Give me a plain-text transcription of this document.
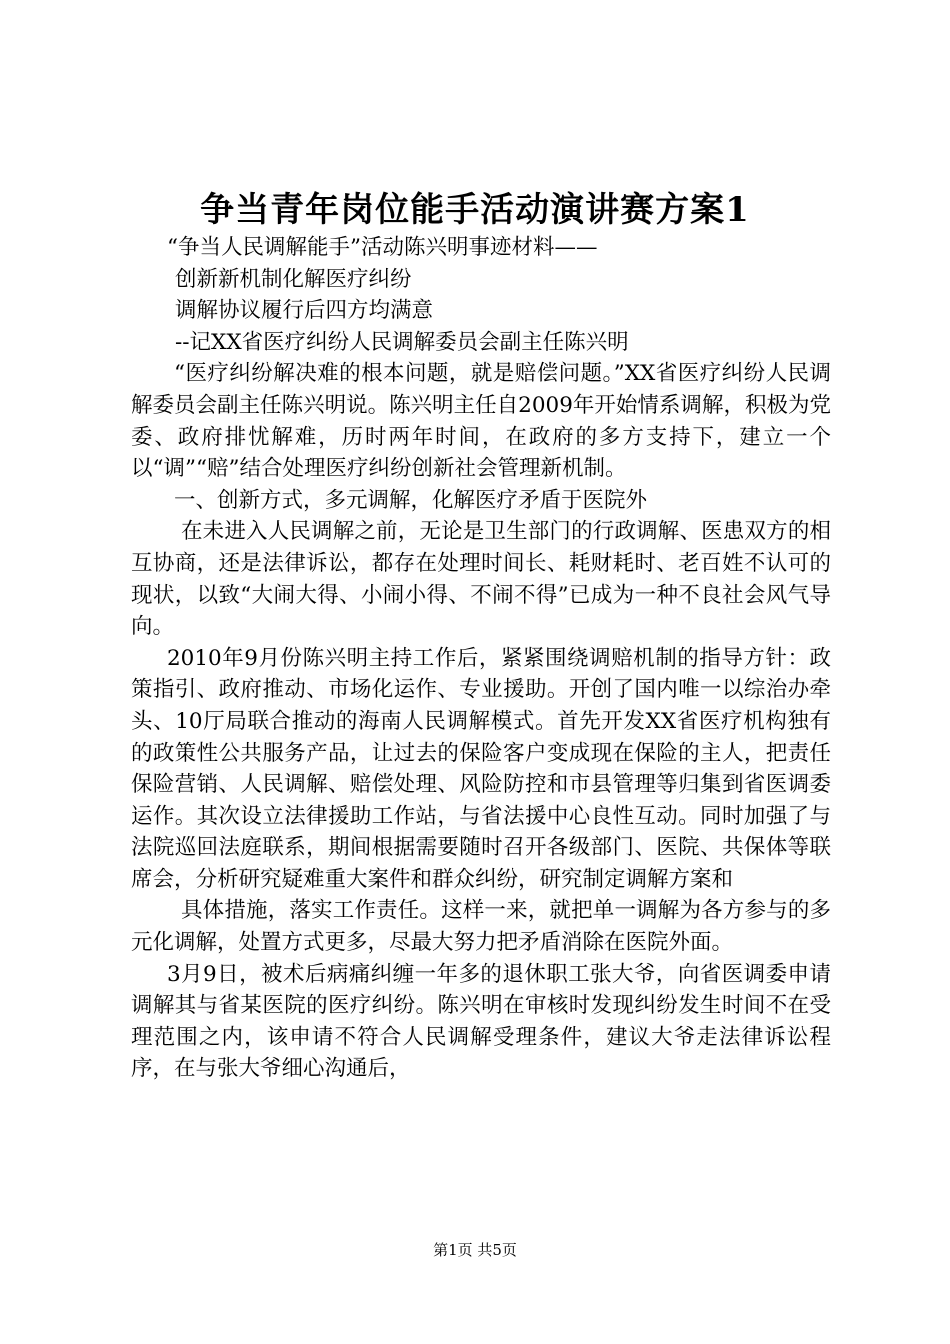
争当青年岗位能手活动演讲赛方案1

“争当人民调解能手”活动陈兴明事迹材料——

创新新机制化解医疗纠纷

调解协议履行后四方均满意

--记XX省医疗纠纷人民调解委员会副主任陈兴明

“医疗纠纷解决难的根本问题，就是赔偿问题。”XX省医疗纠纷人民调解委员会副主任陈兴明说。陈兴明主任自2009年开始情系调解，积极为党委、政府排忧解难，历时两年时间，在政府的多方支持下，建立一个以“调”“赔”结合处理医疗纠纷创新社会管理新机制。

一、创新方式，多元调解，化解医疗矛盾于医院外

在未进入人民调解之前，无论是卫生部门的行政调解、医患双方的相互协商，还是法律诉讼，都存在处理时间长、耗财耗时、老百姓不认可的现状，以致“大闹大得、小闹小得、不闹不得”已成为一种不良社会风气导向。

2010年9月份陈兴明主持工作后，紧紧围绕调赔机制的指导方针：政策指引、政府推动、市场化运作、专业援助。开创了国内唯一以综治办牵头、10厅局联合推动的海南人民调解模式。首先开发XX省医疗机构独有的政策性公共服务产品，让过去的保险客户变成现在保险的主人，把责任保险营销、人民调解、赔偿处理、风险防控和市县管理等归集到省医调委运作。其次设立法律援助工作站，与省法援中心良性互动。同时加强了与法院巡回法庭联系，期间根据需要随时召开各级部门、医院、共保体等联席会，分析研究疑难重大案件和群众纠纷，研究制定调解方案和

具体措施，落实工作责任。这样一来，就把单一调解为各方参与的多元化调解，处置方式更多，尽最大努力把矛盾消除在医院外面。

3月9日，被术后病痛纠缠一年多的退休职工张大爷，向省医调委申请调解其与省某医院的医疗纠纷。陈兴明在审核时发现纠纷发生时间不在受理范围之内，该申请不符合人民调解受理条件，建议大爷走法律诉讼程序，在与张大爷细心沟通后，

第1页 共5页
